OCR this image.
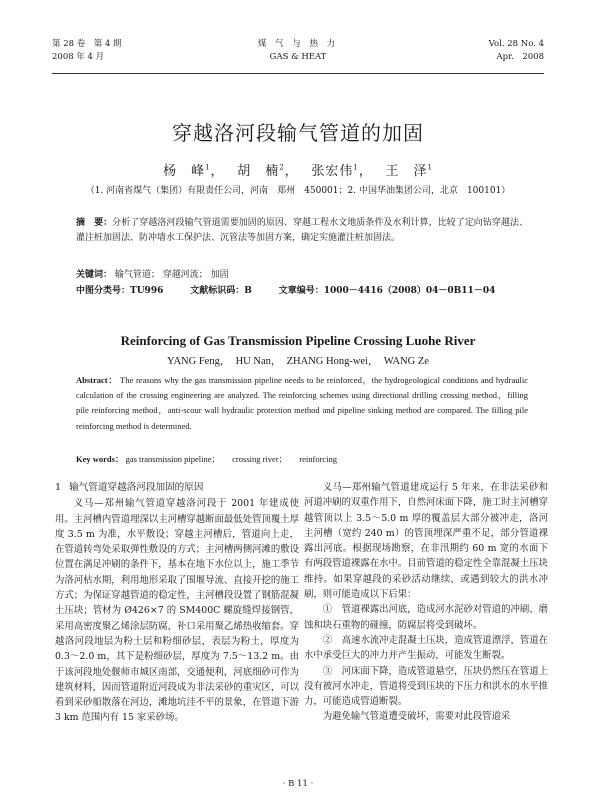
第 28 卷　第 4 期
2008 年 4 月
煤 气 与 热 力
GAS & HEAT
Vol. 28 No. 4
Apr.　2008
穿越洛河段输气管道的加固
杨　峰$^1$，　 胡　楠$^2$，　 张宏伟$^1$，　 王　泽$^1$
（1. 河南省煤气（集团）有限责任公司，河南　郑州　450001；2. 中国华油集团公司，北京　100101）
摘　要：分析了穿越洛河段输气管道需要加固的原因、穿越工程水文地质条件及水利计算，比较了定向钻穿越法、灌注桩加固法、防冲墙水工保护法、沉管法等加固方案，确定实施灌注桩加固法。
关键词： 输气管道； 穿越河流； 加固
中图分类号：TU996	文献标识码：B	文章编号：1000－4416（2008）04－0B11－04
Reinforcing of Gas Transmission Pipeline Crossing Luohe River
YANG Feng，　HU Nan，　ZHANG Hong-wei，　WANG Ze
Abstract： The reasons why the gas transmission pipeline needs to be reinforced，the hydrogeological conditions and hydraulic calculation of the crossing engineering are analyzed. The reinforcing schemes using directional drilling crossing method，filling pile reinforcing method，anti-scour wall hydraulic protection method and pipeline sinking method are compared. The filling pile reinforcing method is determined.
Key words： gas transmission pipeline； crossing river； reinforcing

1 输气管道穿越洛河段加固的原因

义马—郑州输气管道穿越洛河段于 2001 年建成使用。主河槽内管道埋深以主河槽穿越断面最低处管顶覆土厚度 3.5 m 为准，水平敷设；穿越主河槽后，管道向上走，在管道转弯处采取弹性敷设的方式；主河槽两侧河滩的敷设位置在满足冲刷的条件下，基本在地下水位以上，施工季节为洛河枯水期，利用地形采取了围堰导流、直接开挖的施工方式；为保证穿越管道的稳定性，主河槽段设置了钢筋混凝土压块；管材为 Ø426×7 的 SM400C 螺旋缝焊接钢管，采用高密度聚乙烯涂层防腐，补口采用聚乙烯热收缩套。穿越洛河段地层为粉土层和粉细砂层，表层为粉土，厚度为 0.3～2.0 m，其下是粉细砂层，厚度为 7.5～13.2 m。由于该河段地处偃师市城区南部，交通便利，河底细砂可作为建筑材料，因而管道附近河段成为非法采砂的重灾区，可以看到采砂船散落在河边，滩地坑洼不平的景象，在管道下游 3 km 范围内有 15 家采砂场。

义马—郑州输气管道建成运行 5 年来，在非法采砂和河道冲刷的双重作用下，自然河床面下降，施工时主河槽穿越管顶以上 3.5～5.0 m 厚的覆盖层大部分被冲走，洛河主河槽（宽约 240 m）的管顶埋深严重不足，部分管道裸露出河底。根据现场勘察，在非汛期约 60 m 宽的水面下有两段管道裸露在水中。目前管道的稳定性全靠混凝土压块维持。如果穿越段的采砂活动继续，或遇到较大的洪水冲刷，则可能造成以下后果：

①　管道裸露出河底，造成河水泥砂对管道的冲刷、磨蚀和块石重物的碰撞，防腐层将受到破坏。

②　高速水流冲走混凝土压块，造成管道漂浮，管道在水中承受巨大的冲力并产生振动，可能发生断裂。

③　河床面下降，造成管道悬空，压块仍然压在管道上没有被河水冲走，管道将受到压块的下压力和洪水的水平推力，可能造成管道断裂。

为避免输气管道遭受破坏，需要对此段管道采

· B 11 ·
